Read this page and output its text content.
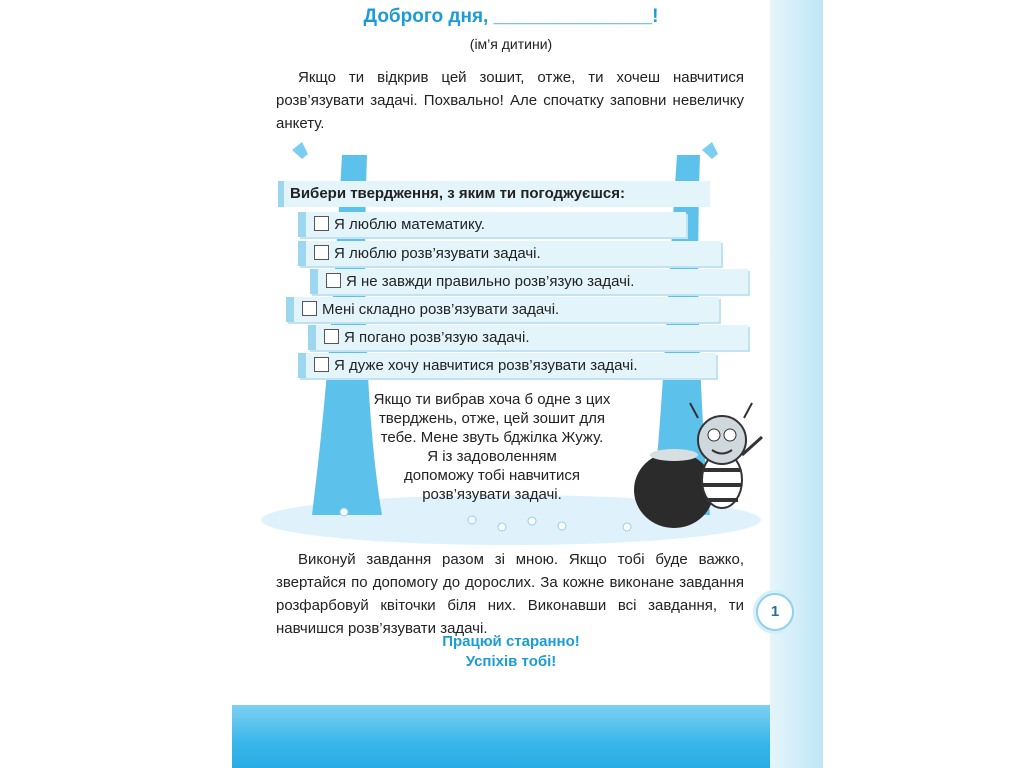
Доброго дня, _______________!
(ім’я дитини)
Якщо ти відкрив цей зошит, отже, ти хочеш навчитися розв’язувати задачі. Похвально! Але спочатку заповни невеличку анкету.
Вибери твердження, з яким ти погоджуєшся:
Я люблю математику.
Я люблю розв’язувати задачі.
Я не завжди правильно розв’язую задачі.
Мені складно розв’язувати задачі.
Я погано розв’язую задачі.
Я дуже хочу навчитися розв’язувати задачі.
Якщо ти вибрав хоча б одне з цих
тверджень, отже, цей зошит для
тебе. Мене звуть бджілка Жужу.
Я із задоволенням
допоможу тобі навчитися
розв’язувати задачі.
Виконуй завдання разом зі мною. Якщо тобі буде важко, звертайся по допомогу до дорослих. За кожне виконане завдання розфарбовуй квіточки біля них. Виконавши всі завдання, ти навчишся розв’язувати задачі.
Працюй старанно!
Успіхів тобі!
1
